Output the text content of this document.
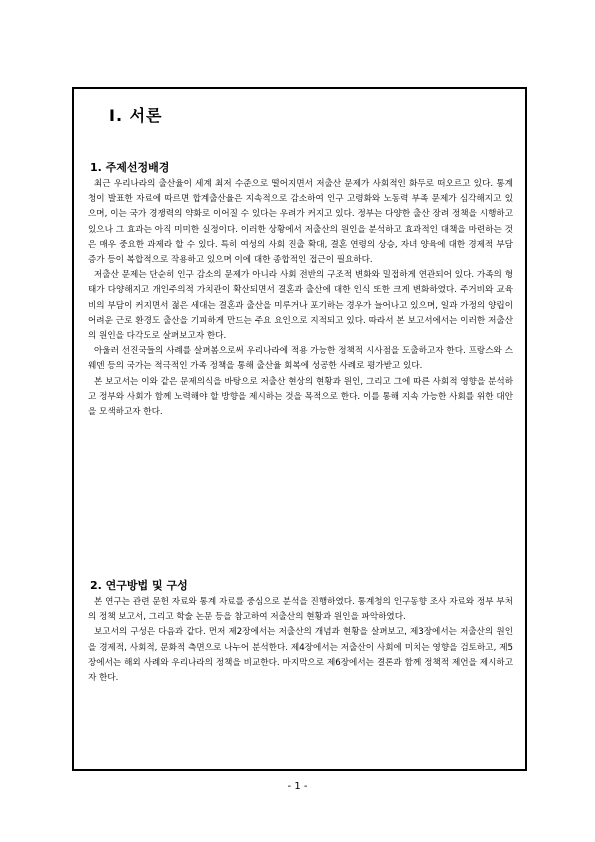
Ⅰ. 서론
1. 주제선정배경

최근 우리나라의 출산율이 세계 최저 수준으로 떨어지면서 저출산 문제가 사회적인 화두로 떠오르고 있다. 통계청이 발표한 자료에 따르면 합계출산율은 지속적으로 감소하여 인구 고령화와 노동력 부족 문제가 심각해지고 있으며, 이는 국가 경쟁력의 약화로 이어질 수 있다는 우려가 커지고 있다. 정부는 다양한 출산 장려 정책을 시행하고 있으나 그 효과는 아직 미미한 실정이다. 이러한 상황에서 저출산의 원인을 분석하고 효과적인 대책을 마련하는 것은 매우 중요한 과제라 할 수 있다. 특히 여성의 사회 진출 확대, 결혼 연령의 상승, 자녀 양육에 대한 경제적 부담 증가 등이 복합적으로 작용하고 있으며 이에 대한 종합적인 접근이 필요하다.

저출산 문제는 단순히 인구 감소의 문제가 아니라 사회 전반의 구조적 변화와 밀접하게 연관되어 있다. 가족의 형태가 다양해지고 개인주의적 가치관이 확산되면서 결혼과 출산에 대한 인식 또한 크게 변화하였다. 주거비와 교육비의 부담이 커지면서 젊은 세대는 결혼과 출산을 미루거나 포기하는 경우가 늘어나고 있으며, 일과 가정의 양립이 어려운 근로 환경도 출산을 기피하게 만드는 주요 요인으로 지적되고 있다. 따라서 본 보고서에서는 이러한 저출산의 원인을 다각도로 살펴보고자 한다.

아울러 선진국들의 사례를 살펴봄으로써 우리나라에 적용 가능한 정책적 시사점을 도출하고자 한다. 프랑스와 스웨덴 등의 국가는 적극적인 가족 정책을 통해 출산율 회복에 성공한 사례로 평가받고 있다.

본 보고서는 이와 같은 문제의식을 바탕으로 저출산 현상의 현황과 원인, 그리고 그에 따른 사회적 영향을 분석하고 정부와 사회가 함께 노력해야 할 방향을 제시하는 것을 목적으로 한다. 이를 통해 지속 가능한 사회를 위한 대안을 모색하고자 한다.

2. 연구방법 및 구성

본 연구는 관련 문헌 자료와 통계 자료를 중심으로 분석을 진행하였다. 통계청의 인구동향 조사 자료와 정부 부처의 정책 보고서, 그리고 학술 논문 등을 참고하여 저출산의 현황과 원인을 파악하였다.

보고서의 구성은 다음과 같다. 먼저 제2장에서는 저출산의 개념과 현황을 살펴보고, 제3장에서는 저출산의 원인을 경제적, 사회적, 문화적 측면으로 나누어 분석한다. 제4장에서는 저출산이 사회에 미치는 영향을 검토하고, 제5장에서는 해외 사례와 우리나라의 정책을 비교한다. 마지막으로 제6장에서는 결론과 함께 정책적 제언을 제시하고자 한다.

- 1 -
